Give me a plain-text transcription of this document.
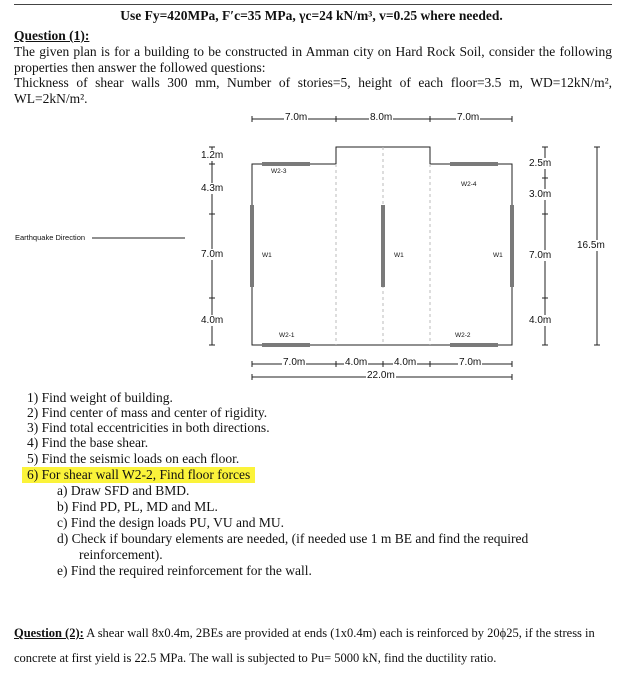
Use Fy=420MPa, F′c=35 MPa, γc=24 kN/m³, v=0.25 where needed.
Question (1):
The given plan is for a building to be constructed in Amman city on Hard Rock Soil, consider the following properties then answer the followed questions:
Thickness of shear walls 300 mm, Number of stories=5, height of each floor=3.5 m, WD=12kN/m², WL=2kN/m².
7.0m	8.0m	7.0m
7.0m	4.0m	4.0m	7.0m
22.0m
1.2m
4.3m
7.0m
4.0m
2.5m
3.0m
7.0m
4.0m
16.5m
Earthquake Direction
W2-3
W2-4
W1	W1	W1
W2-1	W2-2
1) Find weight of building.
2) Find center of mass and center of rigidity.
3) Find total eccentricities in both directions.
4) Find the base shear.
5) Find the seismic loads on each floor.
6) For shear wall W2-2, Find floor forces
a) Draw SFD and BMD.
b) Find PD, PL, MD and ML.
c) Find the design loads PU, VU and MU.
d) Check if boundary elements are needed, (if needed use 1 m BE and find the required
reinforcement).
e) Find the required reinforcement for the wall.
Question (2): A shear wall 8x0.4m, 2BEs are provided at ends (1x0.4m) each is reinforced by 20ϕ25, if the stress in concrete at first yield is 22.5 MPa. The wall is subjected to Pu= 5000 kN, find the ductility ratio.
